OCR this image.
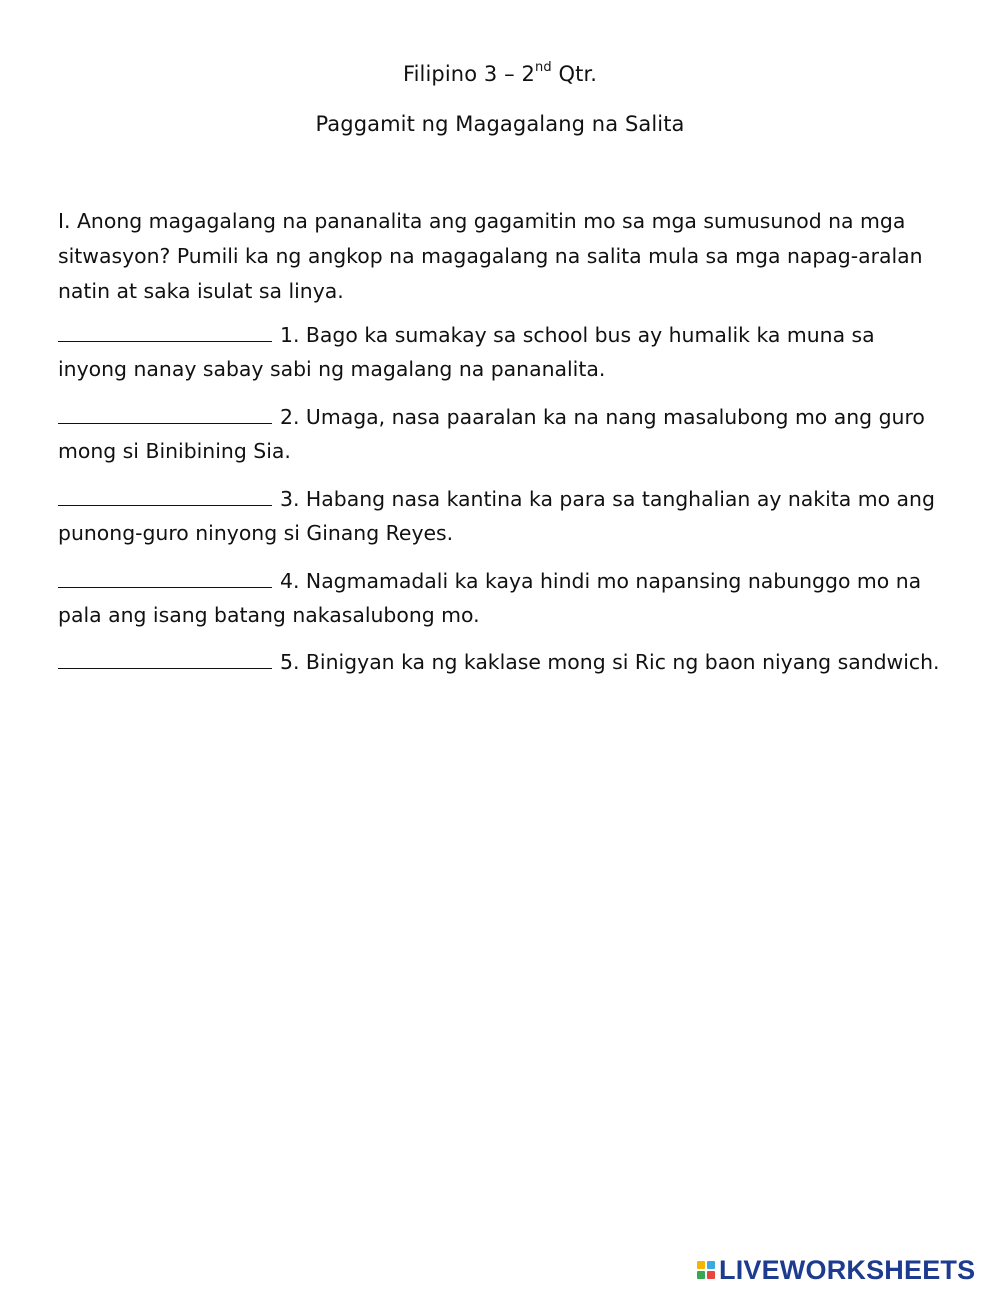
Filipino 3 – 2nd Qtr.
Paggamit ng Magagalang na Salita
I. Anong magagalang na pananalita ang gagamitin mo sa mga sumusunod na mga sitwasyon? Pumili ka ng angkop na magagalang na salita mula sa mga napag-aralan natin at saka isulat sa linya.
1. Bago ka sumakay sa school bus ay humalik ka muna sa inyong nanay sabay sabi ng magalang na pananalita.
2. Umaga, nasa paaralan ka na nang masalubong mo ang guro mong si Binibining Sia.
3. Habang nasa kantina ka para sa tanghalian ay nakita mo ang punong-guro ninyong si Ginang Reyes.
4. Nagmamadali ka kaya hindi mo napansing nabunggo mo na pala ang isang batang nakasalubong mo.
5. Binigyan ka ng kaklase mong si Ric ng baon niyang sandwich.
LIVEWORKSHEETS
